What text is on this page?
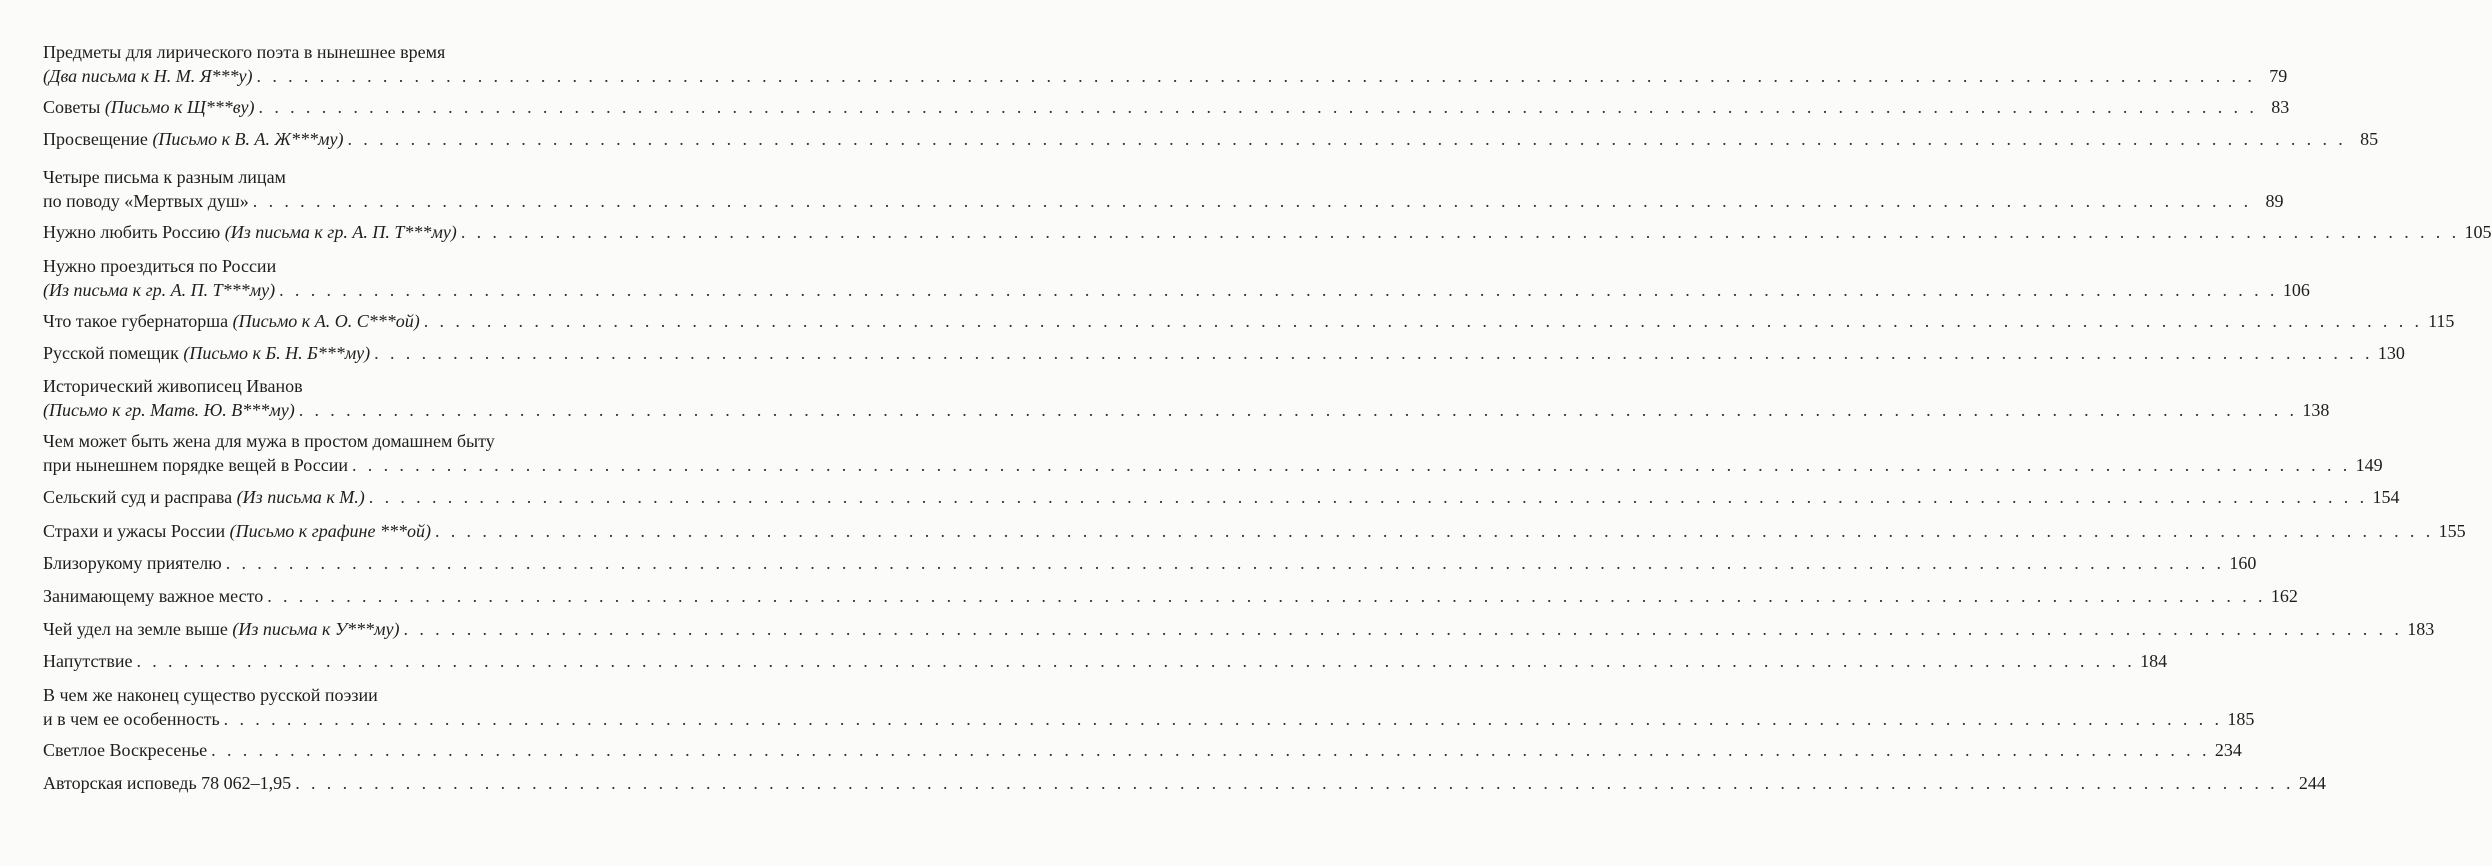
Предметы для лирического поэта в нынешнее время
(Два письма к Н. М. Я***у) . . .	79
Советы (Письмо к Щ***ву) . . .	83
Просвещение (Письмо к В. А. Ж***му) . . .	85
Четыре письма к разным лицам
по поводу «Мертвых душ» . . .	89
Нужно любить Россию (Из письма к гр. А. П. Т***му) . . .	105
Нужно проездиться по России
(Из письма к гр. А. П. Т***му) . . .	106
Что такое губернаторша (Письмо к А. О. С***ой) . . .	115
Русской помещик (Письмо к Б. Н. Б***му) . . .	130
Исторический живописец Иванов
(Письмо к гр. Матв. Ю. В***му) . . .	138
Чем может быть жена для мужа в простом домашнем быту
при нынешнем порядке вещей в России . . .	149
Сельский суд и расправа (Из письма к М.) . . .	154
Страхи и ужасы России (Письмо к графине ***ой) . . .	155
Близорукому приятелю . . .	160
Занимающему важное место . . .	162
Чей удел на земле выше (Из письма к У***му) . . .	183
Напутствие . . .	184
В чем же наконец существо русской поэзии
и в чем ее особенность . . .	185
Светлое Воскресенье . . .	234
Авторская исповедь 78 062–1,95 . . .	244
